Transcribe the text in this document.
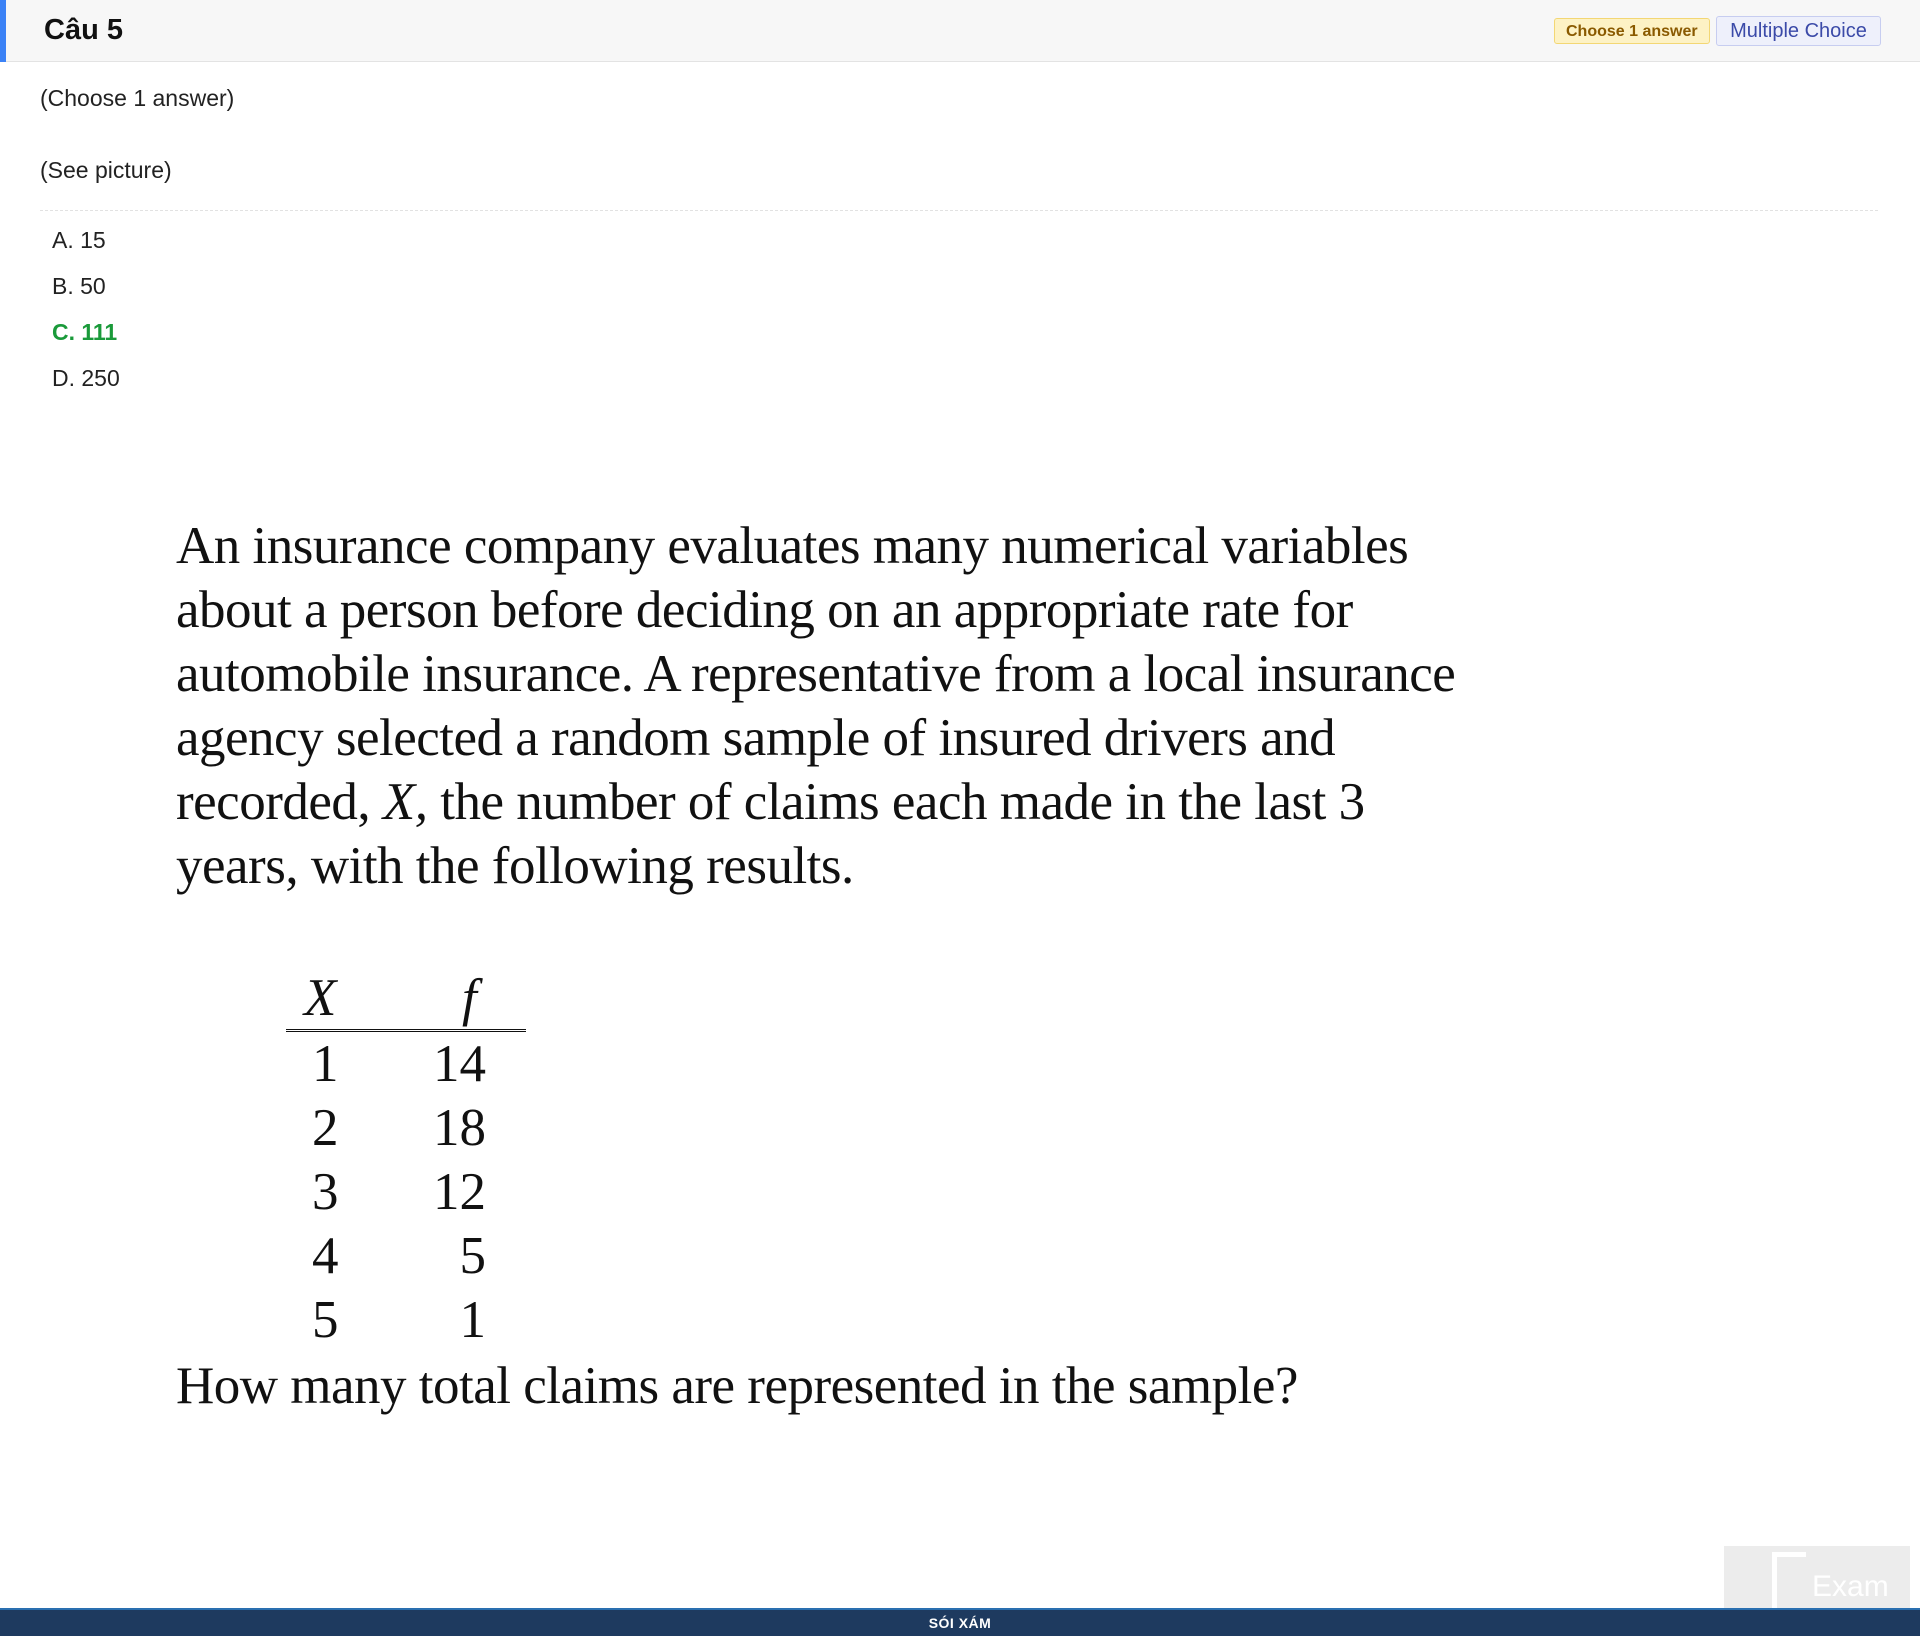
Câu 5	Choose 1 answer	Multiple Choice
(Choose 1 answer)
(See picture)
A. 15
B. 50
C. 111
D. 250

An insurance company evaluates many numerical variables
about a person before deciding on an appropriate rate for
automobile insurance. A representative from a local insurance
agency selected a random sample of insured drivers and
recorded, X, the number of claims each made in the last 3
years, with the following results.

X f
1	14
2	18
3	12
4	5
5	1
How many total claims are represented in the sample?
Exam
SÓI XÁM
